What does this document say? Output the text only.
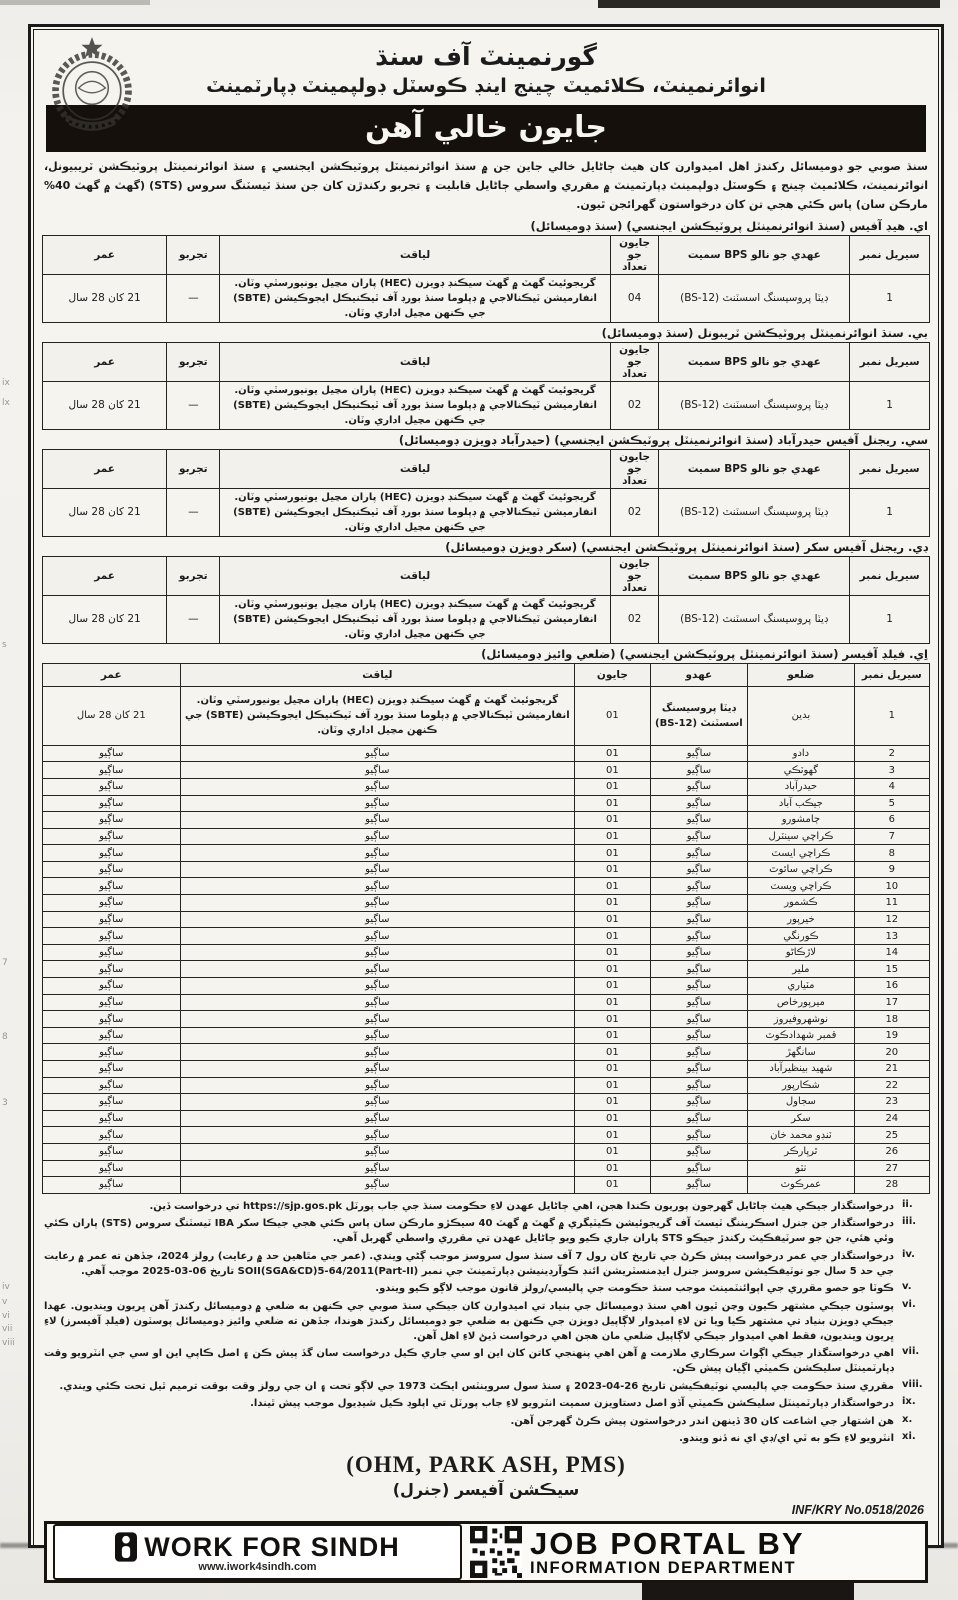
ix
lx
s
7
8
3
iv
v
vi
vii
viii
گورنمينٽ آف سنڌ
انوائرنمينٽ، ڪلائميٽ چينج اينڊ ڪوسٽل ڊولپمينٽ ڊپارٽمينٽ
جايون خالي آهن

سنڌ صوبي جو ڊوميسائل رکندڙ اهل اميدوارن کان هيٺ ڄاڻايل خالي جاين جن ۾ سنڌ انوائرنمينٽل پروٽيڪشن ايجنسي ۽ سنڌ انوائرنمينٽل پروٽيڪشن ٽريبيونل، انوائرنمينٽ، ڪلائميٽ چينج ۽ ڪوسٽل ڊولپمينٽ ڊپارٽمينٽ ۾ مقرري واسطي ڄاڻايل قابليت ۽ تجربو رکندڙن کان جن سنڌ ٽيسٽنگ سروس (STS) (گھٽ ۾ گھٽ 40% مارڪن سان) پاس ڪئي هجي تن کان درخواستون گھرائجن ٿيون.

اي. هيڊ آفيس (سنڌ انوائرنمينٽل پروٽيڪشن ايجنسي) (سنڌ ڊوميسائل)
سيريل نمبر	عهدي جو نالو BPS سميت	جايون جو تعداد	لياقت	تجربو	عمر
1	ڊيٽا پروسيسنگ اسسٽنٽ (BS-12)	04	گريجوئيٽ گھٽ ۾ گھٽ سيڪنڊ ڊويزن (HEC) پاران مڃيل يونيورسٽي وٽان.
انفارميشن ٽيڪنالاجي ۾ ڊپلوما سنڌ بورڊ آف ٽيڪنيڪل ايجوڪيشن (SBTE) جي ڪنهن مڃيل اداري وٽان.	—	21 کان 28 سال
بي. سنڌ انوائرنمينٽل پروٽيڪشن ٽريبونل (سنڌ ڊوميسائل)
سيريل نمبر	عهدي جو نالو BPS سميت	جايون جو تعداد	لياقت	تجربو	عمر
1	ڊيٽا پروسيسنگ اسسٽنٽ (BS-12)	02	گريجوئيٽ گھٽ ۾ گھٽ سيڪنڊ ڊويزن (HEC) پاران مڃيل يونيورسٽي وٽان.
انفارميشن ٽيڪنالاجي ۾ ڊپلوما سنڌ بورڊ آف ٽيڪنيڪل ايجوڪيشن (SBTE) جي ڪنهن مڃيل اداري وٽان.	—	21 کان 28 سال
سي. ريجنل آفيس حيدرآباد (سنڌ انوائرنمينٽل پروٽيڪشن ايجنسي) (حيدرآباد ڊويزن ڊوميسائل)
سيريل نمبر	عهدي جو نالو BPS سميت	جايون جو تعداد	لياقت	تجربو	عمر
1	ڊيٽا پروسيسنگ اسسٽنٽ (BS-12)	02	گريجوئيٽ گھٽ ۾ گھٽ سيڪنڊ ڊويزن (HEC) پاران مڃيل يونيورسٽي وٽان.
انفارميشن ٽيڪنالاجي ۾ ڊپلوما سنڌ بورڊ آف ٽيڪنيڪل ايجوڪيشن (SBTE) جي ڪنهن مڃيل اداري وٽان.	—	21 کان 28 سال
ڊي. ريجنل آفيس سکر (سنڌ انوائرنمينٽل پروٽيڪشن ايجنسي) (سکر ڊويزن ڊوميسائل)
سيريل نمبر	عهدي جو نالو BPS سميت	جايون جو تعداد	لياقت	تجربو	عمر
1	ڊيٽا پروسيسنگ اسسٽنٽ (BS-12)	02	گريجوئيٽ گھٽ ۾ گھٽ سيڪنڊ ڊويزن (HEC) پاران مڃيل يونيورسٽي وٽان.
انفارميشن ٽيڪنالاجي ۾ ڊپلوما سنڌ بورڊ آف ٽيڪنيڪل ايجوڪيشن (SBTE) جي ڪنهن مڃيل اداري وٽان.	—	21 کان 28 سال
اِي. فيلڊ آفيسر (سنڌ انوائرنمينٽل پروٽيڪشن ايجنسي) (ضلعي وائيز ڊوميسائل)
سيريل نمبر	ضلعو	عهدو	جايون	لياقت	عمر
1	بدين	ڊيٽا پروسيسنگ اسسٽنٽ (BS-12)	01	گريجوئيٽ گھٽ ۾ گھٽ سيڪنڊ ڊويزن (HEC) پاران مڃيل يونيورسٽي وٽان. انفارميشن ٽيڪنالاجي ۾ ڊپلوما سنڌ بورڊ آف ٽيڪنيڪل ايجوڪيشن (SBTE) جي ڪنهن مڃيل اداري وٽان.	21 کان 28 سال
2	دادو	ساڳيو	01	ساڳيو	ساڳيو
3	گھوٽڪي	ساڳيو	01	ساڳيو	ساڳيو
4	حيدرآباد	ساڳيو	01	ساڳيو	ساڳيو
5	جيڪب آباد	ساڳيو	01	ساڳيو	ساڳيو
6	ڄامشورو	ساڳيو	01	ساڳيو	ساڳيو
7	ڪراچي سينٽرل	ساڳيو	01	ساڳيو	ساڳيو
8	ڪراچي ايسٽ	ساڳيو	01	ساڳيو	ساڳيو
9	ڪراچي سائوٿ	ساڳيو	01	ساڳيو	ساڳيو
10	ڪراچي ويسٽ	ساڳيو	01	ساڳيو	ساڳيو
11	ڪشمور	ساڳيو	01	ساڳيو	ساڳيو
12	خيرپور	ساڳيو	01	ساڳيو	ساڳيو
13	ڪورنگي	ساڳيو	01	ساڳيو	ساڳيو
14	لاڙڪاڻو	ساڳيو	01	ساڳيو	ساڳيو
15	ملير	ساڳيو	01	ساڳيو	ساڳيو
16	مٽياري	ساڳيو	01	ساڳيو	ساڳيو
17	ميرپورخاص	ساڳيو	01	ساڳيو	ساڳيو
18	نوشهروفيروز	ساڳيو	01	ساڳيو	ساڳيو
19	قمبر شهدادڪوٽ	ساڳيو	01	ساڳيو	ساڳيو
20	سانگھڙ	ساڳيو	01	ساڳيو	ساڳيو
21	شهيد بينظيرآباد	ساڳيو	01	ساڳيو	ساڳيو
22	شڪارپور	ساڳيو	01	ساڳيو	ساڳيو
23	سجاول	ساڳيو	01	ساڳيو	ساڳيو
24	سکر	ساڳيو	01	ساڳيو	ساڳيو
25	ٽنڊو محمد خان	ساڳيو	01	ساڳيو	ساڳيو
26	ٿرپارڪر	ساڳيو	01	ساڳيو	ساڳيو
27	ٺٽو	ساڳيو	01	ساڳيو	ساڳيو
28	عمرڪوٽ	ساڳيو	01	ساڳيو	ساڳيو
ii.
درخواستگذار جيڪي هيٺ ڄاڻايل گھرجون پوريون ڪندا هجن، اهي ڄاڻايل عهدن لاءِ حڪومت سنڌ جي جاب پورٽل https://sjp.gos.pk تي درخواست ڏين.
iii.
درخواستگذار جن جنرل اسڪريننگ ٽيسٽ آف گريجوئيشن ڪيٽيگري ۾ گھٽ ۾ گھٽ 40 سيڪڙو مارڪن سان پاس ڪئي هجي جيڪا سکر IBA ٽيسٽنگ سروس (STS) پاران ڪئي وئي هئي، جن جو سرٽيفڪيٽ رکندڙ جيڪو STS پاران جاري ڪيو ويو ڄاڻايل عهدن تي مقرري واسطي گھربل آهي.
iv.
درخواستگذار جي عمر درخواست پيش ڪرڻ جي تاريخ کان رول 7 آف سنڌ سول سروسز موجب ڳڻي ويندي. (عمر جي مٿاهين حد ۾ رعايت) رولز 2024، جڏهن ته عمر ۾ رعايت جي حد 5 سال جو نوٽيفڪيشن سروسز جنرل ايڊمنسٽريشن ائنڊ ڪوآرڊينيشن ڊپارٽمينٽ جي نمبر SOII(SGA&CD)5-64/2011(Part-II) تاريخ 06-03-2025 موجب آهي.
v.
ڪوٽا جو حصو مقرري جي اپوائنٽمينٽ موجب سنڌ حڪومت جي پاليسي/رولز قانون موجب لاڳو ڪيو ويندو.
vi.
پوسٽون جيڪي مشتهر ڪيون وڃن ٿيون اهي سنڌ ڊوميسائل جي بنياد تي اميدوارن کان جيڪي سنڌ صوبي جي ڪنهن به ضلعي ۾ ڊوميسائل رکندڙ آهن ڀريون وينديون. عهدا جيڪي ڊويزن بنياد تي مشتهر ڪيا ويا تن لاءِ اميدوار لاڳاپيل ڊويزن جي ڪنهن به ضلعي جو ڊوميسائل رکندڙ هوندا، جڏهن ته ضلعي وائيز ڊوميسائل پوسٽون (فيلڊ آفيسرز) لاءِ ڀريون وينديون، فقط اهي اميدوار جيڪي لاڳاپيل ضلعي مان هجن اهي درخواست ڏيڻ لاءِ اهل آهن.
vii.
اهي درخواستگذار جيڪي اڳواٽ سرڪاري ملازمت ۾ آهن اهي پنهنجي کاتن کان اين او سي جاري ڪيل درخواست سان گڏ پيش ڪن ۽ اصل ڪاپي اين او سي جي انٽرويو وقت ڊپارٽمينٽل سليڪشن ڪميٽي اڳيان پيش ڪن.
viii.
مقرري سنڌ حڪومت جي پاليسي نوٽيفڪيشن تاريخ 26-04-2023 ۽ سنڌ سول سروينٽس ايڪٽ 1973 جي لاڳو تحت ۽ ان جي رولز وقت بوقت ترميم ٿيل تحت ڪئي ويندي.
ix.
درخواستگذار ڊپارٽمينٽل سليڪشن ڪميٽي آڏو اصل دستاويزن سميت انٽرويو لاءِ جاب پورٽل تي اپلوڊ ڪيل شيڊيول موجب پيش ٿيندا.
x.
هن اشتهار جي اشاعت کان 30 ڏينهن اندر درخواستون پيش ڪرڻ گھرجن آهن.
xi.
انٽرويو لاءِ ڪو به ٽي اي/ڊي اي نه ڏنو ويندو.
(OHM, PARK ASH, PMS)
سيڪشن آفيسر (جنرل)
INF/KRY No.0518/2026
WORK FOR SINDH
www.iwork4sindh.com
JOB PORTAL BY
INFORMATION DEPARTMENT
